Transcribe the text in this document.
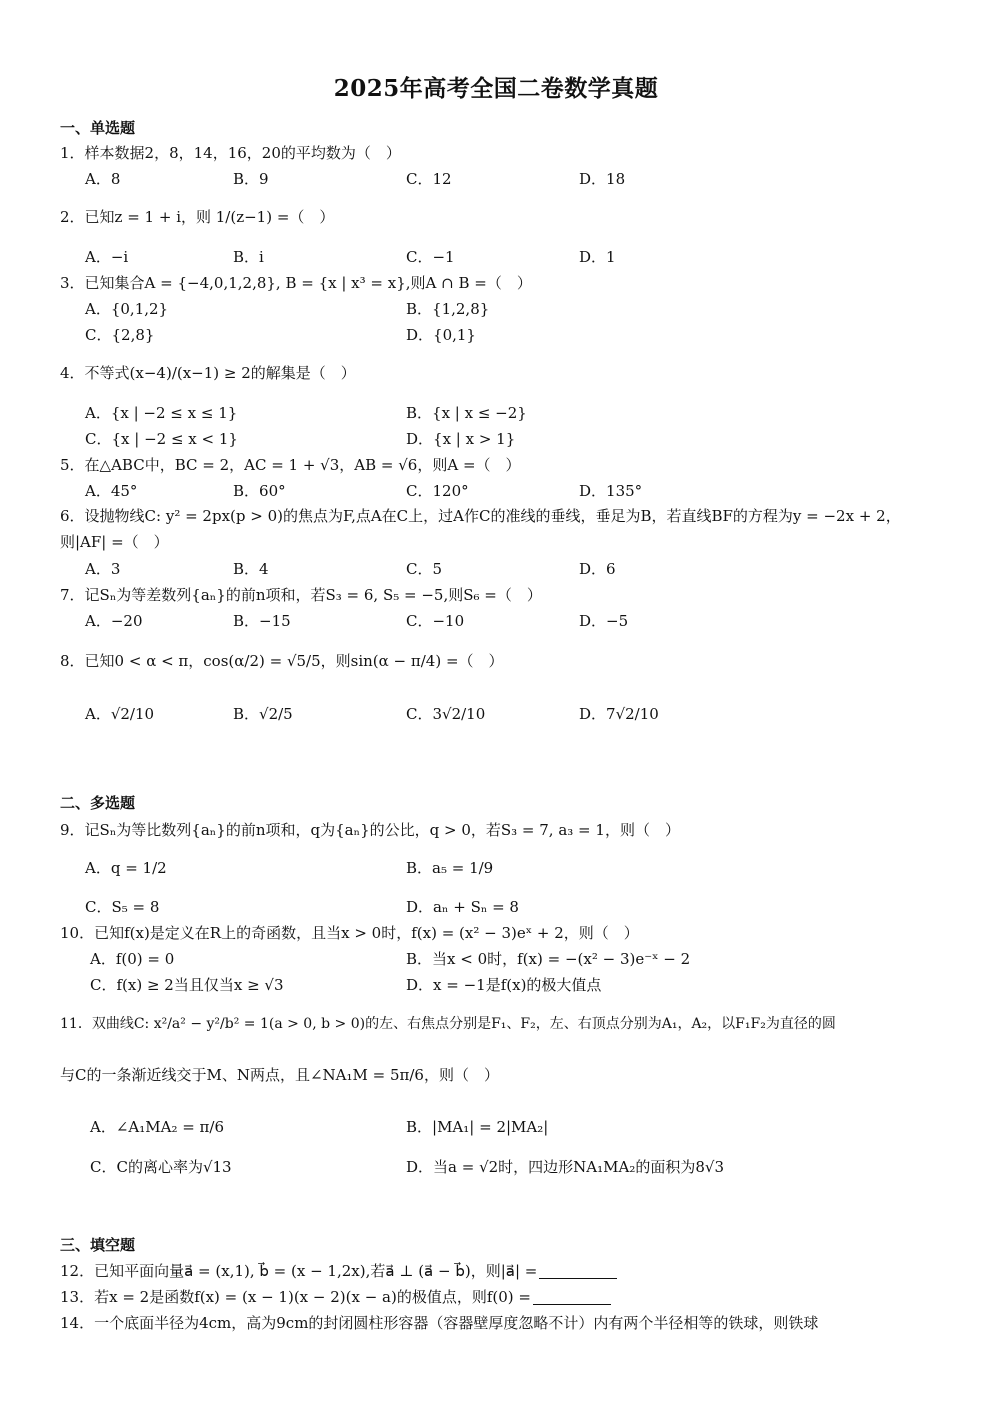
2025年高考全国二卷数学真题
一、单选题
1．样本数据2，8，14，16，20的平均数为（　）
A．8	B．9	C．12	D．18
2．已知z = 1 + i，则 1/(z−1) =（　）
A．−i	B．i	C．−1	D．1
3．已知集合A = {−4,0,1,2,8}, B = {x | x³ = x},则A ∩ B =（　）
A．{0,1,2}	B．{1,2,8}
C．{2,8}	D．{0,1}
4．不等式(x−4)/(x−1) ≥ 2的解集是（　）
A．{x | −2 ≤ x ≤ 1}	B．{x | x ≤ −2}
C．{x | −2 ≤ x < 1}	D．{x | x > 1}
5．在△ABC中，BC = 2，AC = 1 + √3，AB = √6，则A =（　）
A．45°	B．60°	C．120°	D．135°
6．设抛物线C: y² = 2px(p > 0)的焦点为F,点A在C上，过A作C的准线的垂线，垂足为B，若直线BF的方程为y = −2x + 2，则|AF| =（　）
A．3	B．4	C．5	D．6
7．记Sₙ为等差数列{aₙ}的前n项和，若S₃ = 6, S₅ = −5,则S₆ =（　）
A．−20	B．−15	C．−10	D．−5
8．已知0 < α < π，cos(α/2) = √5/5，则sin(α − π/4) =（　）
A．√2/10	B．√2/5	C．3√2/10	D．7√2/10
二、多选题
9．记Sₙ为等比数列{aₙ}的前n项和，q为{aₙ}的公比，q > 0，若S₃ = 7, a₃ = 1，则（　）
A．q = 1/2	B．a₅ = 1/9
C．S₅ = 8	D．aₙ + Sₙ = 8
10．已知f(x)是定义在R上的奇函数，且当x > 0时，f(x) = (x² − 3)eˣ + 2，则（　）
A．f(0) = 0	B．当x < 0时，f(x) = −(x² − 3)e⁻ˣ − 2
C．f(x) ≥ 2当且仅当x ≥ √3	D．x = −1是f(x)的极大值点
11．双曲线C: x²/a² − y²/b² = 1(a > 0, b > 0)的左、右焦点分别是F₁、F₂，左、右顶点分别为A₁，A₂，以F₁F₂为直径的圆
与C的一条渐近线交于M、N两点，且∠NA₁M = 5π/6，则（　）
A．∠A₁MA₂ = π/6	B．|MA₁| = 2|MA₂|
C．C的离心率为√13	D．当a = √2时，四边形NA₁MA₂的面积为8√3
三、填空题
12．已知平面向量a⃗ = (x,1), b⃗ = (x − 1,2x),若a⃗ ⊥ (a⃗ − b⃗)，则|a⃗| =
13．若x = 2是函数f(x) = (x − 1)(x − 2)(x − a)的极值点，则f(0) =
14．一个底面半径为4cm，高为9cm的封闭圆柱形容器（容器壁厚度忽略不计）内有两个半径相等的铁球，则铁球
